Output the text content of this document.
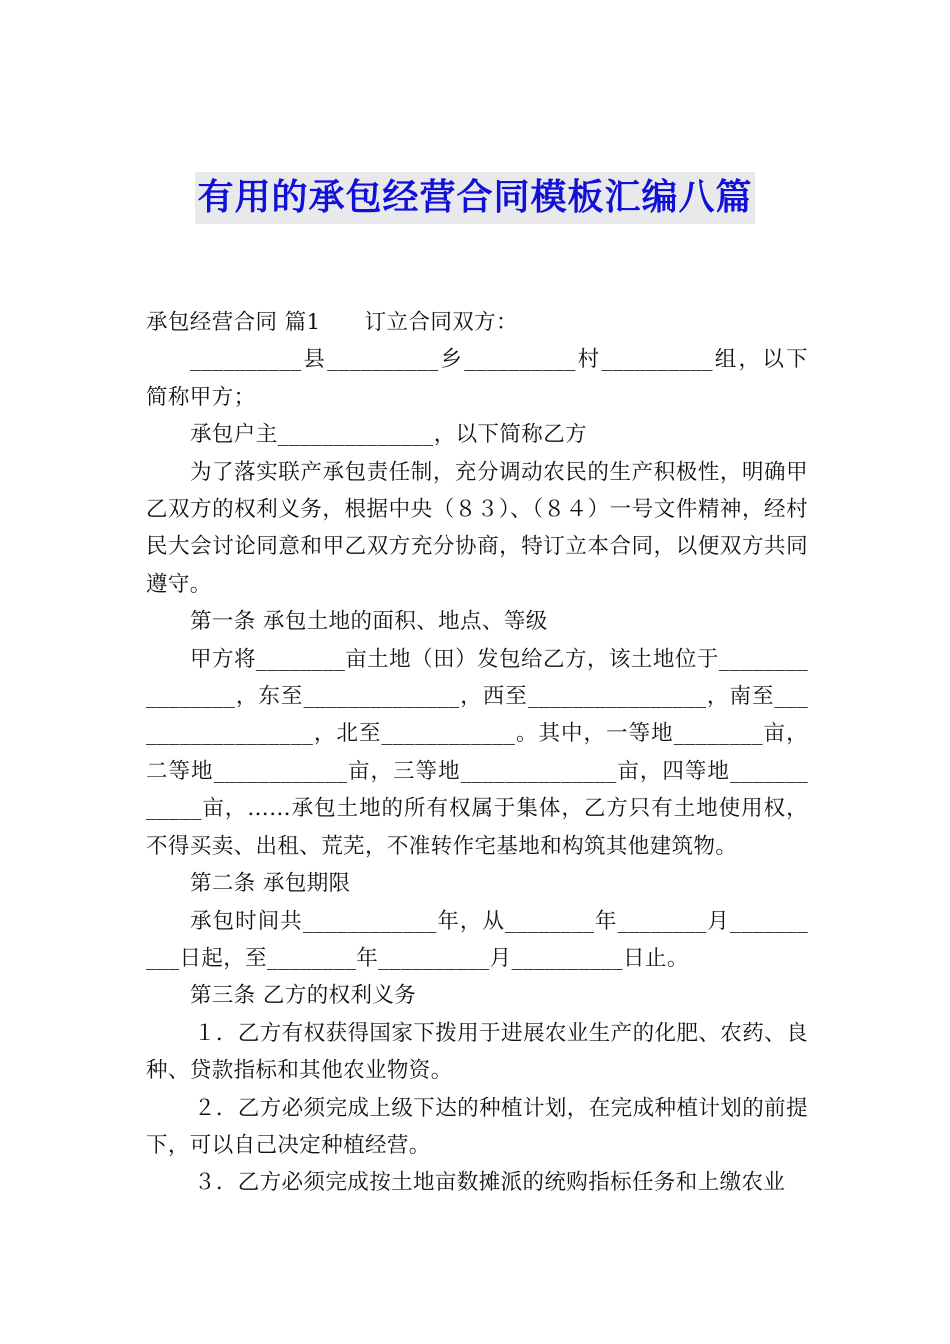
有用的承包经营合同模板汇编八篇

承包经营合同 篇1 订立合同双方：

__________县__________乡__________村__________组，以下简称甲方；

承包户主______________，以下简称乙方

为了落实联产承包责任制，充分调动农民的生产积极性，明确甲乙双方的权利义务，根据中央（８３）、（８４）一号文件精神，经村民大会讨论同意和甲乙双方充分协商，特订立本合同，以便双方共同遵守。

第一条 承包土地的面积、地点、等级

甲方将________亩土地（田）发包给乙方，该土地位于________________，东至______________，西至________________，南至__________________，北至____________。其中，一等地________亩，二等地____________亩，三等地______________亩，四等地____________亩，……承包土地的所有权属于集体，乙方只有土地使用权，不得买卖、出租、荒芜，不准转作宅基地和构筑其他建筑物。

第二条 承包期限

承包时间共____________年，从________年________月__________日起，至________年__________月__________日止。

第三条 乙方的权利义务

１．乙方有权获得国家下拨用于进展农业生产的化肥、农药、良种、贷款指标和其他农业物资。

２．乙方必须完成上级下达的种植计划，在完成种植计划的前提下，可以自己决定种植经营。

３．乙方必须完成按土地亩数摊派的统购指标任务和上缴农业
